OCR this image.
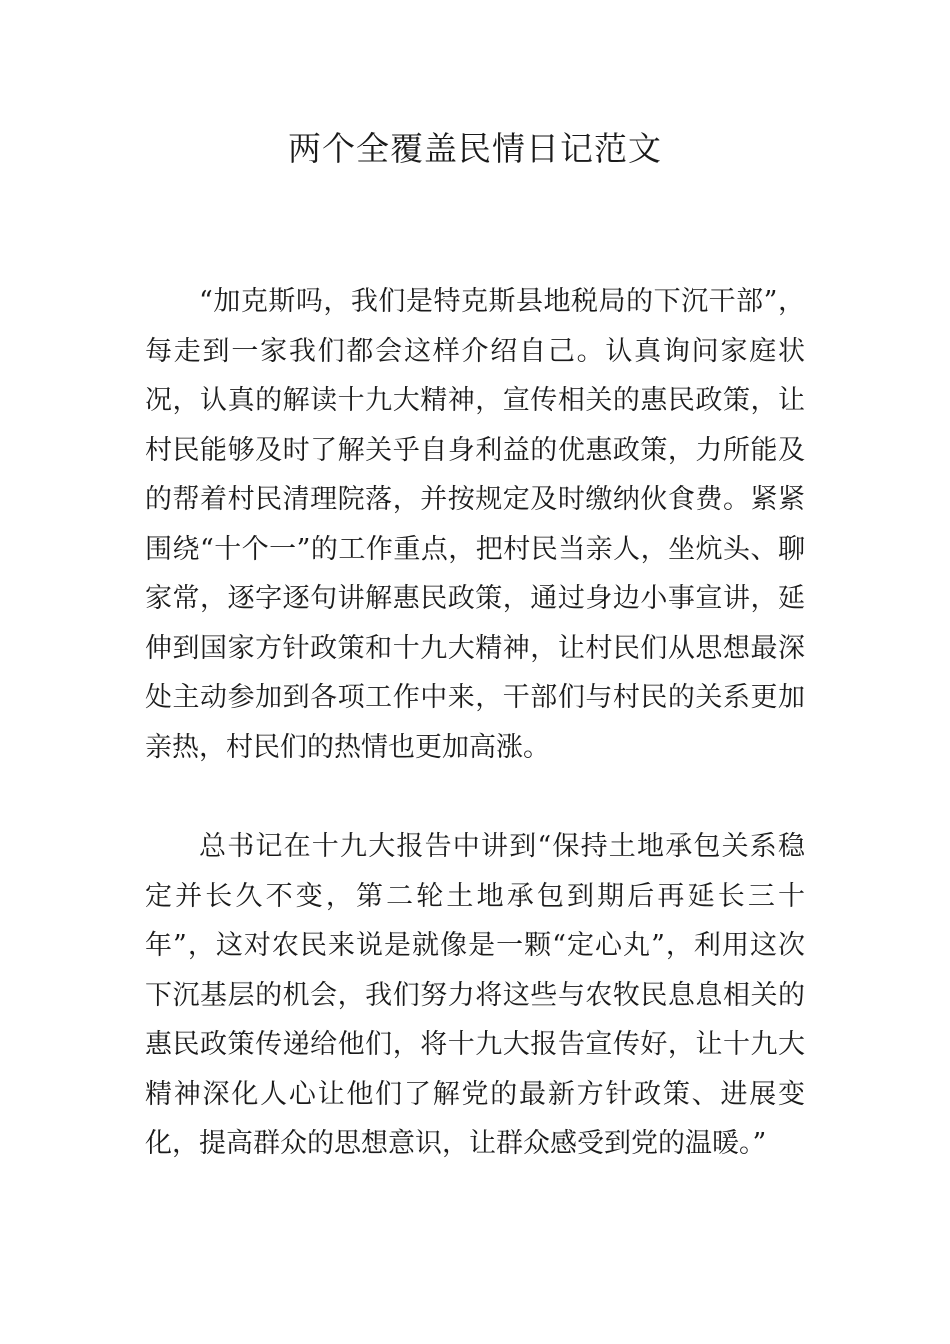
两个全覆盖民情日记范文

“加克斯吗，我们是特克斯县地税局的下沉干部”，每走到一家我们都会这样介绍自己。认真询问家庭状况，认真的解读十九大精神，宣传相关的惠民政策，让村民能够及时了解关乎自身利益的优惠政策，力所能及的帮着村民清理院落，并按规定及时缴纳伙食费。紧紧围绕“十个一”的工作重点，把村民当亲人，坐炕头、聊家常，逐字逐句讲解惠民政策，通过身边小事宣讲，延伸到国家方针政策和十九大精神，让村民们从思想最深处主动参加到各项工作中来，干部们与村民的关系更加亲热，村民们的热情也更加高涨。

总书记在十九大报告中讲到“保持土地承包关系稳定并长久不变，第二轮土地承包到期后再延长三十年”，这对农民来说是就像是一颗“定心丸”，利用这次下沉基层的机会，我们努力将这些与农牧民息息相关的惠民政策传递给他们，将十九大报告宣传好，让十九大精神深化人心让他们了解党的最新方针政策、进展变化，提高群众的思想意识，让群众感受到党的温暖。”
